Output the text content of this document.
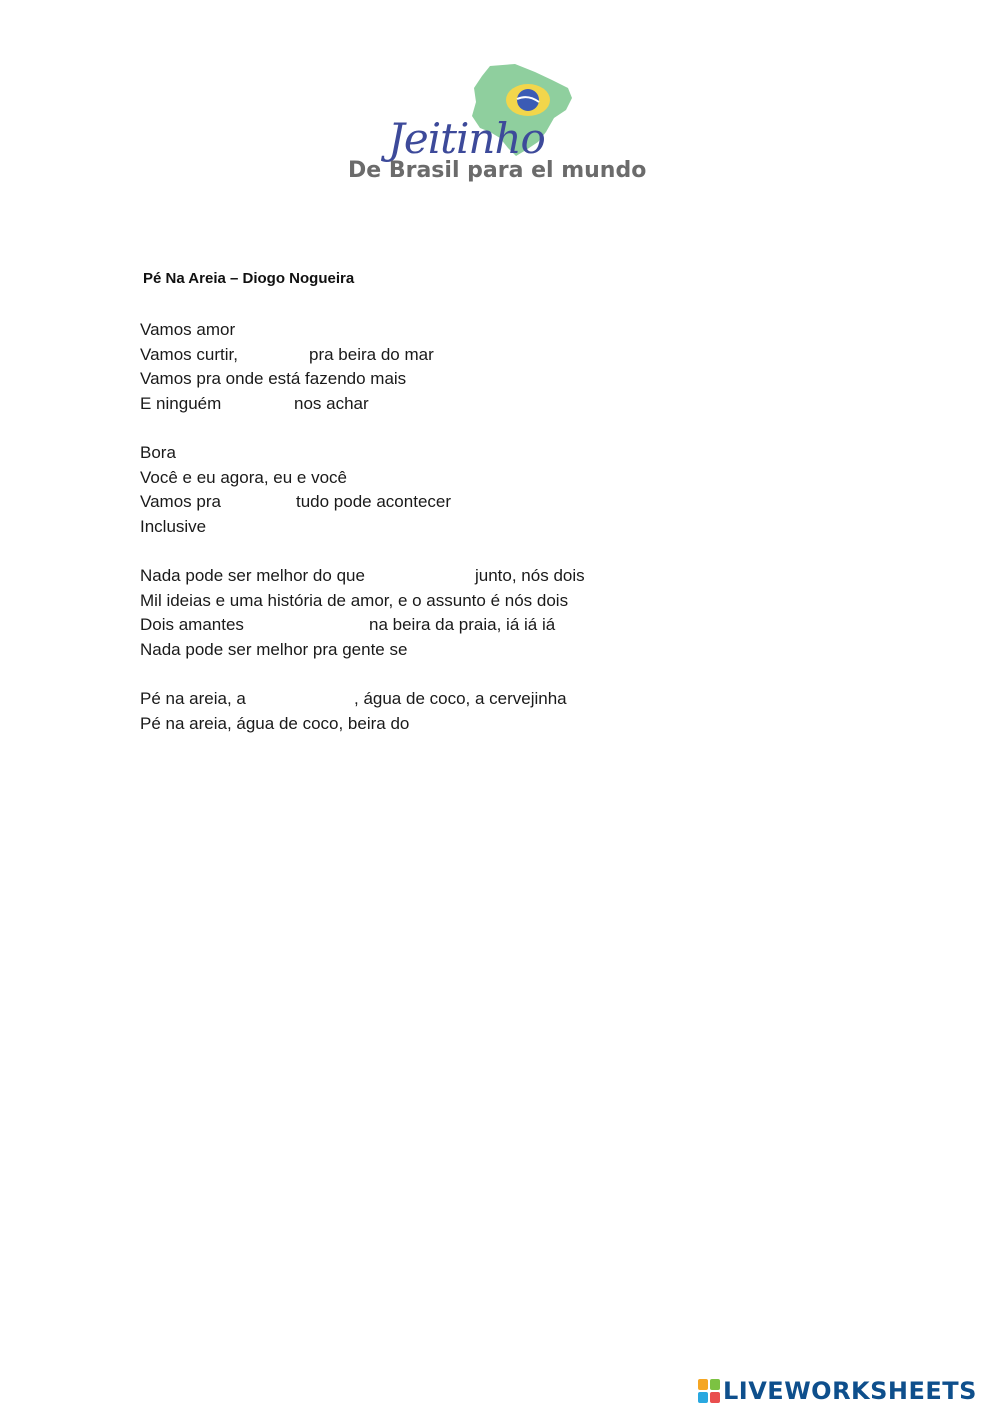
Jeitinho
De Brasil para el mundo
Pé Na Areia – Diogo Nogueira
Vamos amor
Vamos curtir,	pra beira do mar
Vamos pra onde está fazendo mais
E ninguém	nos achar
Bora
Você e eu agora, eu e você
Vamos pra	tudo pode acontecer
Inclusive
Nada pode ser melhor do que	junto, nós dois
Mil ideias e uma história de amor, e o assunto é nós dois
Dois amantes	na beira da praia, iá iá iá
Nada pode ser melhor pra gente se
Pé na areia, a	, água de coco, a cervejinha
Pé na areia, água de coco, beira do
LIVEWORKSHEETS
